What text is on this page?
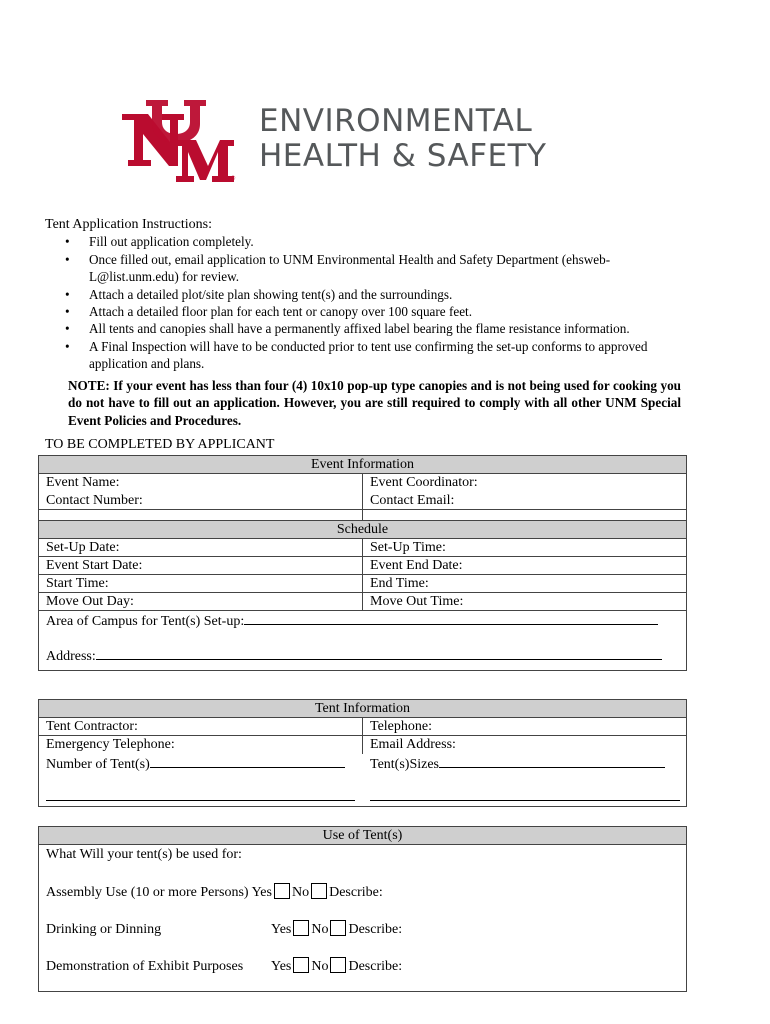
®
ENVIRONMENTAL
HEALTH & SAFETY
Tent Application Instructions:
• Fill out application completely.
• Once filled out, email application to UNM Environmental Health and Safety Department (ehsweb-L@list.unm.edu) for review.
• Attach a detailed plot/site plan showing tent(s) and the surroundings.
• Attach a detailed floor plan for each tent or canopy over 100 square feet.
• All tents and canopies shall have a permanently affixed label bearing the flame resistance information.
• A Final Inspection will have to be conducted prior to tent use confirming the set-up conforms to approved application and plans.
NOTE: If your event has less than four (4) 10x10 pop-up type canopies and is not being used for cooking you do not have to fill out an application. However, you are still required to comply with all other UNM Special Event Policies and Procedures.
TO BE COMPLETED BY APPLICANT
Event Information
Event Name:	Event Coordinator:
Contact Number:	Contact Email:
Schedule
Set-Up Date:	Set-Up Time:
Event Start Date:	Event End Date:
Start Time:	End Time:
Move Out Day:	Move Out Time:
Area of Campus for Tent(s) Set-up:
Address:
Tent Information
Tent Contractor:	Telephone:
Emergency Telephone:	Email Address:
Number of Tent(s)	Tent(s)Sizes
Use of Tent(s)
What Will your tent(s) be used for:
Assembly Use (10 or more Persons) Yes No Describe:
Drinking or Dinning	Yes No Describe:
Demonstration of Exhibit Purposes Yes No Describe:
